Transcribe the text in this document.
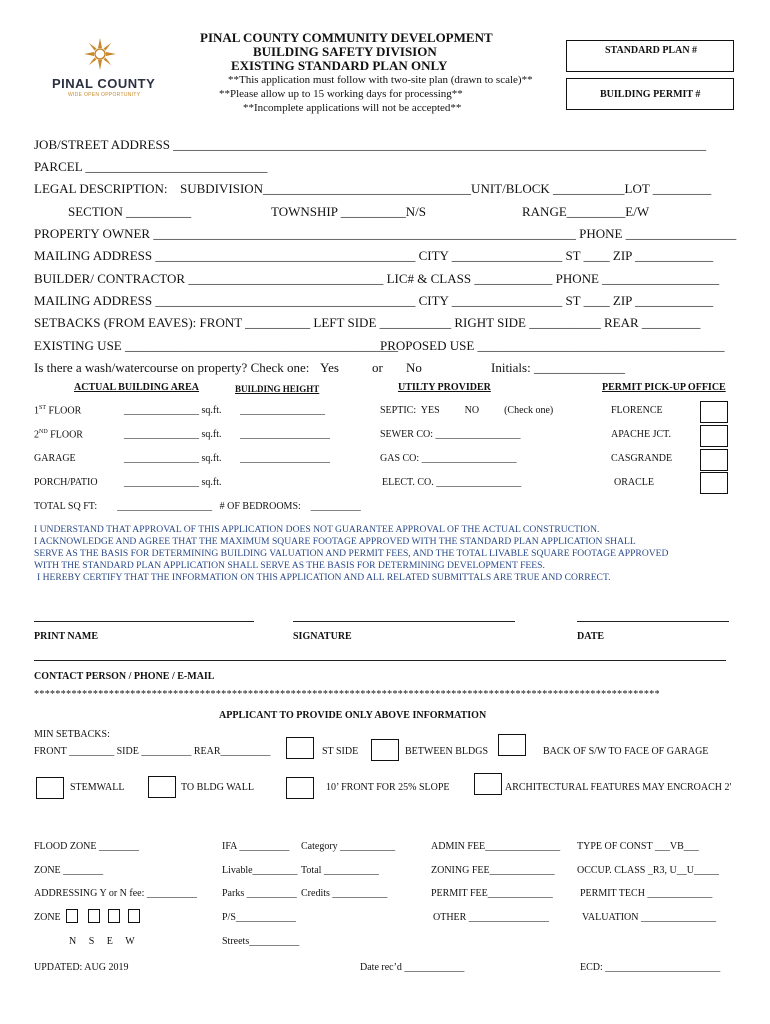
PINAL COUNTY
WIDE OPEN OPPORTUNITY
PINAL COUNTY COMMUNITY DEVELOPMENT
BUILDING SAFETY DIVISION
EXISTING STANDARD PLAN ONLY
**This application must follow with two-site plan (drawn to scale)**
**Please allow up to 15 working days for processing**
**Incomplete applications will not be accepted**
STANDARD PLAN #
BUILDING PERMIT #
JOB/STREET ADDRESS __________________________________________________________________________________
PARCEL ____________________________
LEGAL DESCRIPTION: SUBDIVISION________________________________UNIT/BLOCK ___________LOT _________
SECTION __________	TOWNSHIP __________N/S	RANGE_________E/W
PROPERTY OWNER _________________________________________________________________ PHONE _________________
MAILING ADDRESS ________________________________________ CITY _________________ ST ____ ZIP ____________
BUILDER/ CONTRACTOR ______________________________ LIC# & CLASS ____________ PHONE __________________
MAILING ADDRESS ________________________________________ CITY _________________ ST ____ ZIP ____________
SETBACKS (FROM EAVES): FRONT __________ LEFT SIDE ___________ RIGHT SIDE ___________ REAR _________
EXISTING USE __________________________________________
PROPOSED USE ______________________________________
Is there a wash/watercourse on property? Check one: Yes	or No	Initials: ______________
ACTUAL BUILDING AREA	BUILDING HEIGHT	UTILTY PROVIDER	PERMIT PICK-UP OFFICE
1ST FLOOR	_______________ sq.ft. _________________	SEPTIC:  YES          NO          (Check one)	FLORENCE
2ND FLOOR	_______________ sq.ft. __________________	SEWER CO: _________________	APACHE JCT.
GARAGE	_______________ sq.ft. __________________	GAS CO: ___________________	CASGRANDE
PORCH/PATIO	_______________ sq.ft.	ELECT. CO. _________________	ORACLE
TOTAL SQ FT:        ___________________   # OF BEDROOMS:    __________
I UNDERSTAND THAT APPROVAL OF THIS APPLICATION DOES NOT GUARANTEE APPROVAL OF THE ACTUAL CONSTRUCTION.
I ACKNOWLEDGE AND AGREE THAT THE MAXIMUM SQUARE FOOTAGE APPROVED WITH THE STANDARD PLAN APPLICATION SHALL
SERVE AS THE BASIS FOR DETERMINING BUILDING VALUATION AND PERMIT FEES, AND THE TOTAL LIVABLE SQUARE FOOTAGE APPROVED
WITH THE STANDARD PLAN APPLICATION SHALL SERVE AS THE BASIS FOR DETERMINING DEVELOPMENT FEES.
I HEREBY CERTIFY THAT THE INFORMATION ON THIS APPLICATION AND ALL RELATED SUBMITTALS ARE TRUE AND CORRECT.
PRINT NAME	SIGNATURE	DATE
CONTACT PERSON / PHONE / E-MAIL
*********************************************************************************************************************
APPLICANT TO PROVIDE ONLY ABOVE INFORMATION
MIN SETBACKS:
FRONT _________ SIDE __________ REAR__________	ST SIDE	BETWEEN BLDGS	BACK OF S/W TO FACE OF GARAGE
STEMWALL	TO BLDG WALL	10’ FRONT FOR 25% SLOPE	ARCHITECTURAL FEATURES MAY ENCROACH 2'
FLOOD ZONE ________
ZONE ________
ADDRESSING Y or N fee: __________
ZONE
N     S     E     W
IFA __________ Category ___________
Livable_________ Total ___________
Parks __________ Credits ___________
P/S____________
Streets__________
ADMIN FEE_______________
ZONING FEE_____________
PERMIT FEE_____________
OTHER ________________
Date rec’d ____________
TYPE OF CONST ___VB___
OCCUP. CLASS _R3, U__U_____
PERMIT TECH _____________
VALUATION _______________
ECD: _______________________
UPDATED: AUG 2019
